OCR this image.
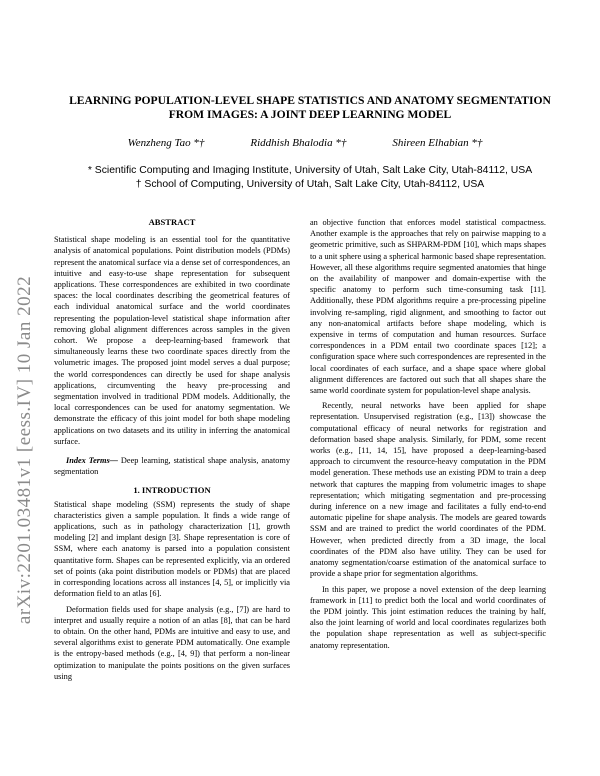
arXiv:2201.03481v1 [eess.IV] 10 Jan 2022
LEARNING POPULATION-LEVEL SHAPE STATISTICS AND ANATOMY SEGMENTATION
FROM IMAGES: A JOINT DEEP LEARNING MODEL
Wenzheng Tao *†	Riddhish Bhalodia *†	Shireen Elhabian *†
* Scientific Computing and Imaging Institute, University of Utah, Salt Lake City, Utah-84112, USA
† School of Computing, University of Utah, Salt Lake City, Utah-84112, USA
ABSTRACT

Statistical shape modeling is an essential tool for the quantitative analysis of anatomical populations. Point distribution models (PDMs) represent the anatomical surface via a dense set of correspondences, an intuitive and easy-to-use shape representation for subsequent applications. These correspondences are exhibited in two coordinate spaces: the local coordinates describing the geometrical features of each individual anatomical surface and the world coordinates representing the population-level statistical shape information after removing global alignment differences across samples in the given cohort. We propose a deep-learning-based framework that simultaneously learns these two coordinate spaces directly from the volumetric images. The proposed joint model serves a dual purpose; the world correspondences can directly be used for shape analysis applications, circumventing the heavy pre-processing and segmentation involved in traditional PDM models. Additionally, the local correspondences can be used for anatomy segmentation. We demonstrate the efficacy of this joint model for both shape modeling applications on two datasets and its utility in inferring the anatomical surface.

Index Terms— Deep learning, statistical shape analysis, anatomy segmentation

1. INTRODUCTION

Statistical shape modeling (SSM) represents the study of shape characteristics given a sample population. It finds a wide range of applications, such as in pathology characterization [1], growth modeling [2] and implant design [3]. Shape representation is core of SSM, where each anatomy is parsed into a population consistent quantitative form. Shapes can be represented explicitly, via an ordered set of points (aka point distribution models or PDMs) that are placed in corresponding locations across all instances [4, 5], or implicitly via deformation field to an atlas [6].

Deformation fields used for shape analysis (e.g., [7]) are hard to interpret and usually require a notion of an atlas [8], that can be hard to obtain. On the other hand, PDMs are intuitive and easy to use, and several algorithms exist to generate PDM automatically. One example is the entropy-based methods (e.g., [4, 9]) that perform a non-linear optimization to manipulate the points positions on the given surfaces using

an objective function that enforces model statistical compactness. Another example is the approaches that rely on pairwise mapping to a geometric primitive, such as SHPARM-PDM [10], which maps shapes to a unit sphere using a spherical harmonic based shape representation. However, all these algorithms require segmented anatomies that hinge on the availability of manpower and domain-expertise with the specific anatomy to perform such time-consuming task [11]. Additionally, these PDM algorithms require a pre-processing pipeline involving re-sampling, rigid alignment, and smoothing to factor out any non-anatomical artifacts before shape modeling, which is expensive in terms of computation and human resources. Surface correspondences in a PDM entail two coordinate spaces [12]; a configuration space where such correspondences are represented in the local coordinates of each surface, and a shape space where global alignment differences are factored out such that all shapes share the same world coordinate system for population-level shape analysis.

Recently, neural networks have been applied for shape representation. Unsupervised registration (e.g., [13]) showcase the computational efficacy of neural networks for registration and deformation based shape analysis. Similarly, for PDM, some recent works (e.g., [11, 14, 15], have proposed a deep-learning-based approach to circumvent the resource-heavy computation in the PDM model generation. These methods use an existing PDM to train a deep network that captures the mapping from volumetric images to shape representation; which mitigating segmentation and pre-processing during inference on a new image and facilitates a fully end-to-end automatic pipeline for shape analysis. The models are geared towards SSM and are trained to predict the world coordinates of the PDM. However, when predicted directly from a 3D image, the local coordinates of the PDM also have utility. They can be used for anatomy segmentation/coarse estimation of the anatomical surface to provide a shape prior for segmentation algorithms.

In this paper, we propose a novel extension of the deep learning framework in [11] to predict both the local and world coordinates of the PDM jointly. This joint estimation reduces the training by half, also the joint learning of world and local coordinates regularizes both the population shape representation as well as subject-specific anatomy representation.
